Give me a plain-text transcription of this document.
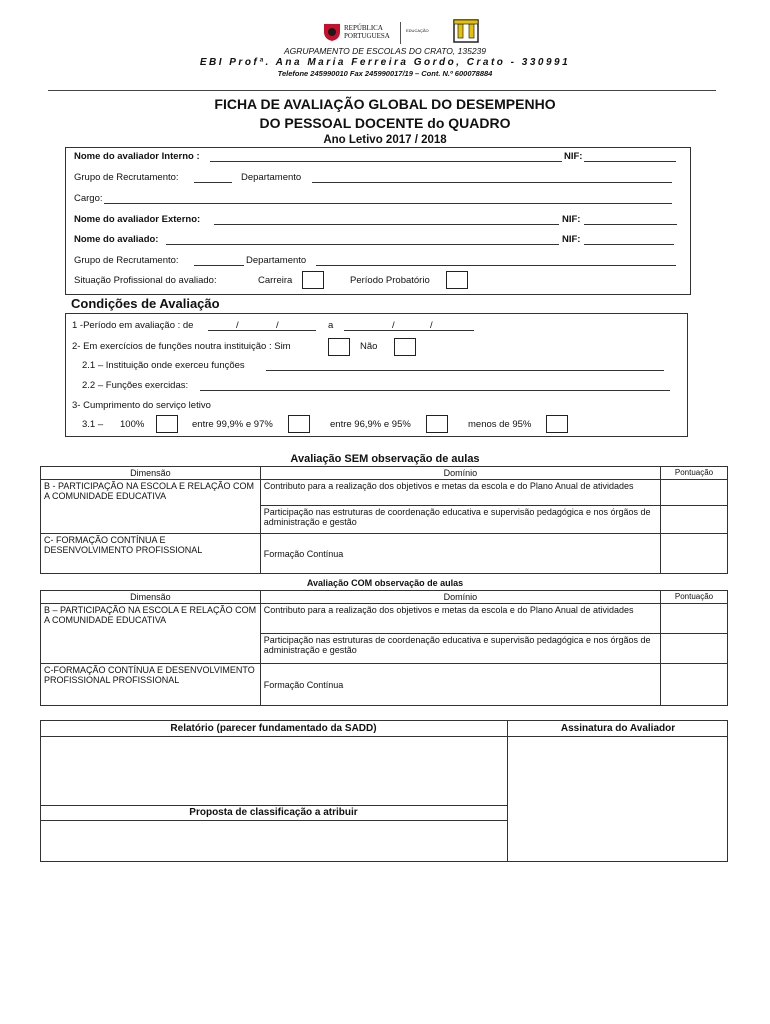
REPÚBLICA
PORTUGUESA
EDUCAÇÃO
AGRUPAMENTO DE ESCOLAS DO CRATO, 135239
EBI Profª. Ana Maria Ferreira Gordo, Crato - 330991
Telefone 245990010 Fax 245990017/19 – Cont. N.º 600078884
FICHA DE AVALIAÇÃO GLOBAL DO DESEMPENHO
DO PESSOAL DOCENTE do QUADRO
Ano Letivo 2017 / 2018
Nome do avaliador Interno :	NIF:
Grupo de Recrutamento:	Departamento
Cargo:
Nome do avaliador Externo:	NIF:
Nome do avaliado:	NIF:
Grupo de Recrutamento:	Departamento
Situação Profissional do avaliado:	Carreira	Período Probatório
Condições de Avaliação
1 -Período em avaliação : de	/	/	a	/	/
2- Em exercícios de funções noutra instituição : Sim	Não
2.1 – Instituição onde exerceu funções
2.2 – Funções exercidas:
3- Cumprimento do serviço letivo
3.1 – 100%	entre 99,9% e 97%	entre 96,9% e 95%	menos de 95%
Avaliação SEM observação de aulas
Dimensão	Domínio	Pontuação
B - PARTICIPAÇÃO NA ESCOLA E RELAÇÃO COM A COMUNIDADE EDUCATIVA	Contributo para a realização dos objetivos e metas da escola e do Plano Anual de atividades	
	Participação nas estruturas de coordenação educativa e supervisão pedagógica e nos órgãos de administração e gestão	
C- FORMAÇÃO CONTÍNUA E DESENVOLVIMENTO PROFISSIONAL	Formação Contínua	
Avaliação COM observação de aulas
Dimensão	Domínio	Pontuação
B – PARTICIPAÇÃO NA ESCOLA E RELAÇÃO COM A COMUNIDADE EDUCATIVA	Contributo para a realização dos objetivos e metas da escola e do Plano Anual de atividades	
	Participação nas estruturas de coordenação educativa e supervisão pedagógica e nos órgãos de administração e gestão	
C-FORMAÇÃO CONTÍNUA E DESENVOLVIMENTO PROFISSIONAL PROFISSIONAL	Formação Contínua	
Relatório (parecer fundamentado da SADD)	Assinatura do Avaliador
Proposta de classificação a atribuir
